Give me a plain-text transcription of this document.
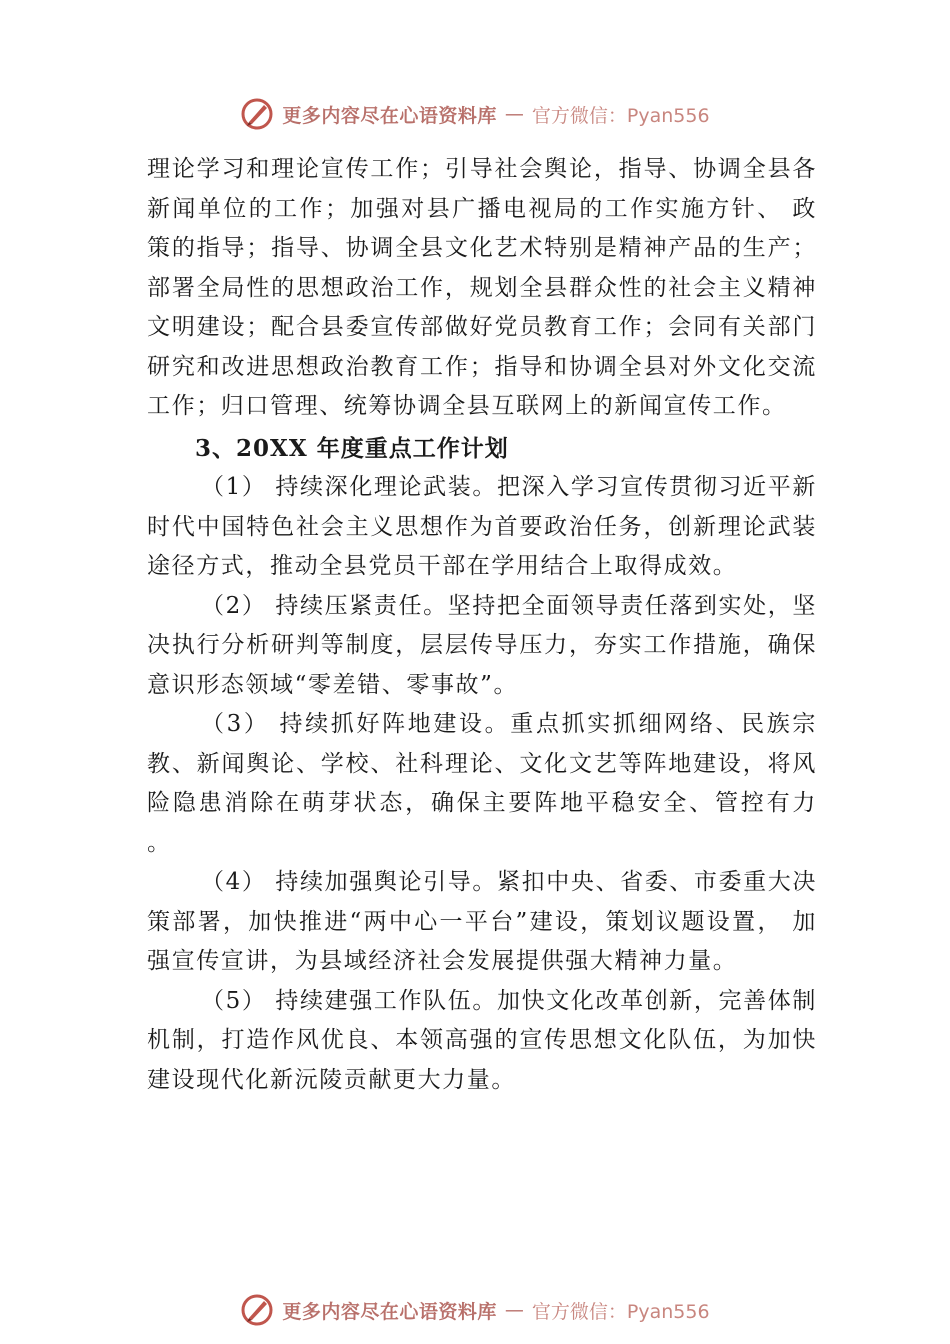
更多内容尽在心语资料库 — 官方微信：Pyan556

理论学习和理论宣传工作；引导社会舆论，指导、协调全县各新闻单位的工作；加强对县广播电视局的工作实施方针、 政策的指导；指导、协调全县文化艺术特别是精神产品的生产；部署全局性的思想政治工作，规划全县群众性的社会主义精神文明建设；配合县委宣传部做好党员教育工作；会同有关部门研究和改进思想政治教育工作；指导和协调全县对外文化交流工作；归口管理、统筹协调全县互联网上的新闻宣传工作。

3、20XX 年度重点工作计划

（1） 持续深化理论武装。把深入学习宣传贯彻习近平新时代中国特色社会主义思想作为首要政治任务，创新理论武装途径方式，推动全县党员干部在学用结合上取得成效。

（2） 持续压紧责任。坚持把全面领导责任落到实处，坚决执行分析研判等制度，层层传导压力，夯实工作措施，确保意识形态领域“零差错、零事故”。

（3） 持续抓好阵地建设。重点抓实抓细网络、民族宗教、新闻舆论、学校、社科理论、文化文艺等阵地建设，将风险隐患消除在萌芽状态，确保主要阵地平稳安全、管控有力 。

（4） 持续加强舆论引导。紧扣中央、省委、市委重大决策部署，加快推进“两中心一平台”建设，策划议题设置， 加强宣传宣讲，为县域经济社会发展提供强大精神力量。

（5） 持续建强工作队伍。加快文化改革创新，完善体制机制，打造作风优良、本领高强的宣传思想文化队伍，为加快建设现代化新沅陵贡献更大力量。

更多内容尽在心语资料库 — 官方微信：Pyan556
